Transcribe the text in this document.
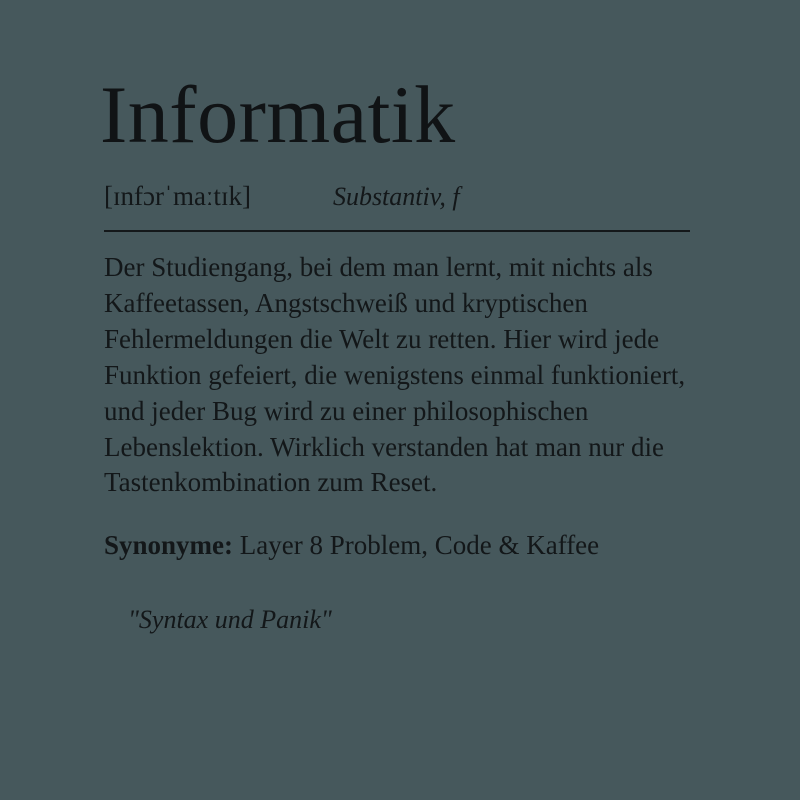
Informatik
[ɪnfɔrˈmaːtɪk]	Substantiv, f

Der Studiengang, bei dem man lernt, mit nichts als Kaffeetassen, Angstschweiß und kryptischen Fehlermeldungen die Welt zu retten. Hier wird jede Funktion gefeiert, die wenigstens einmal funktioniert, und jeder Bug wird zu einer philosophischen Lebenslektion. Wirklich verstanden hat man nur die Tastenkombination zum Reset.

Synonyme: Layer 8 Problem, Code & Kaffee

"Syntax und Panik"
